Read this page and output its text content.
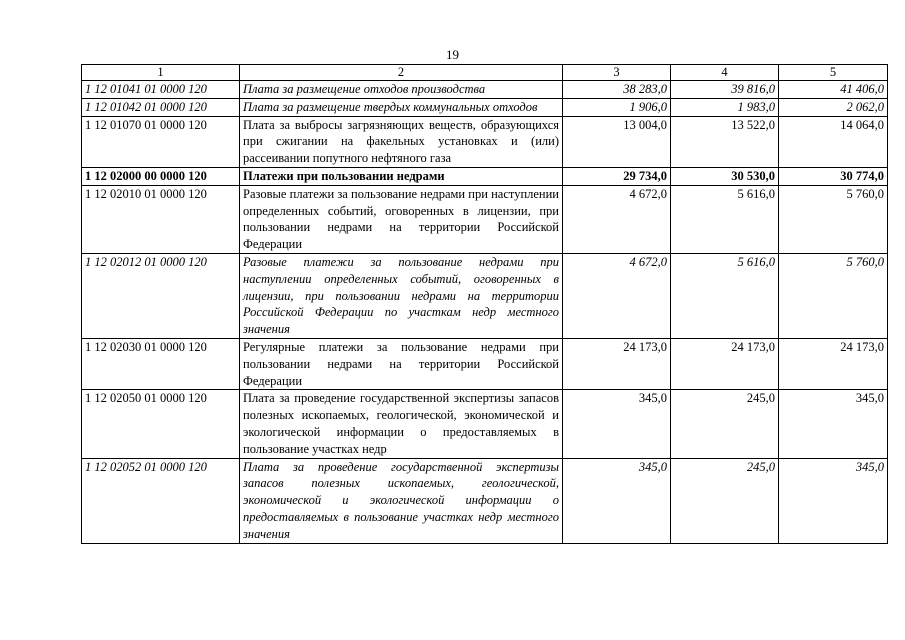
19
1	2	3	4	5
1 12 01041 01 0000 120	Плата за размещение отходов производства	38 283,0	39 816,0	41 406,0
1 12 01042 01 0000 120	Плата за размещение твердых коммунальных отходов	1 906,0	1 983,0	2 062,0
1 12 01070 01 0000 120	Плата за выбросы загрязняющих веществ, образующихся при сжигании на факельных установках и (или) рассеивании попутного нефтяного газа	13 004,0	13 522,0	14 064,0
1 12 02000 00 0000 120	Платежи при пользовании недрами	29 734,0	30 530,0	30 774,0
1 12 02010 01 0000 120	Разовые платежи за пользование недрами при наступлении определенных событий, оговоренных в лицензии, при пользовании недрами на территории Российской Федерации	4 672,0	5 616,0	5 760,0
1 12 02012 01 0000 120	Разовые платежи за пользование недрами при наступлении определенных событий, оговоренных в лицензии, при пользовании недрами на территории Российской Федерации по участкам недр местного значения	4 672,0	5 616,0	5 760,0
1 12 02030 01 0000 120	Регулярные платежи за пользование недрами при пользовании недрами на территории Российской Федерации	24 173,0	24 173,0	24 173,0
1 12 02050 01 0000 120	Плата за проведение государственной экспертизы запасов полезных ископаемых, геологической, экономической и экологической информации о предоставляемых в пользование участках недр	345,0	245,0	345,0
1 12 02052 01 0000 120	Плата за проведение государственной экспертизы запасов полезных ископаемых, геологической, экономической и экологической информации о предоставляемых в пользование участках недр местного значения	345,0	245,0	345,0
